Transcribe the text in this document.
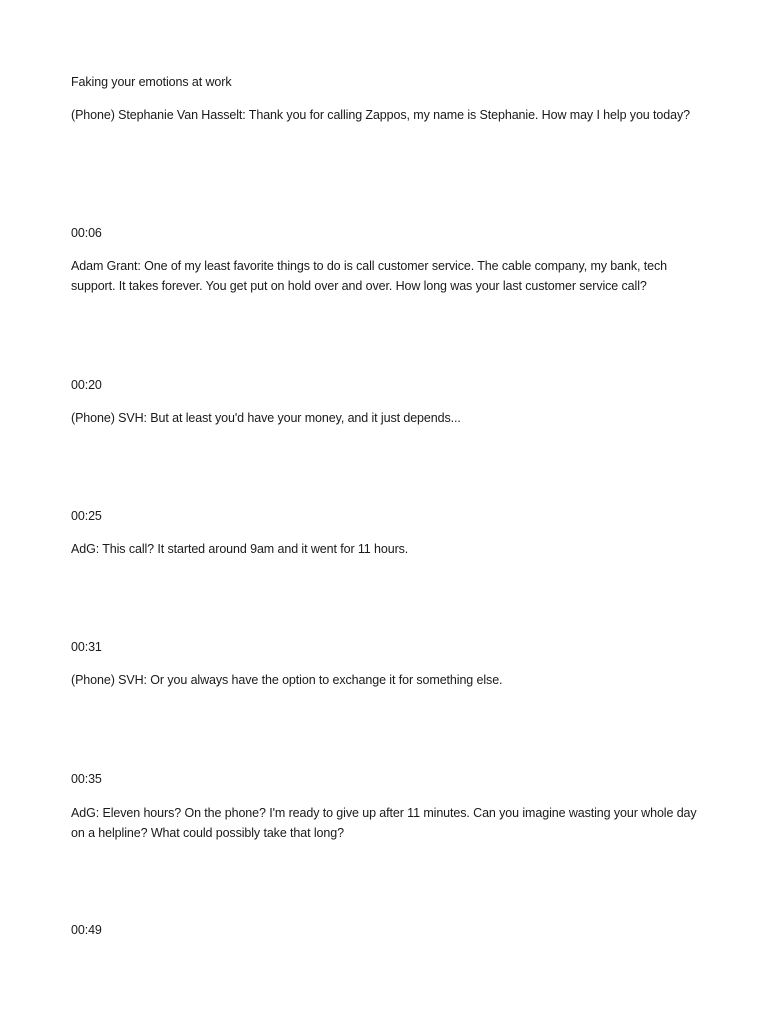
Faking your emotions at work
(Phone) Stephanie Van Hasselt: Thank you for calling Zappos, my name is Stephanie. How may I help you today?
00:06
Adam Grant: One of my least favorite things to do is call customer service. The cable company, my bank, tech support. It takes forever. You get put on hold over and over. How long was your last customer service call?
00:20
(Phone) SVH: But at least you'd have your money, and it just depends...
00:25
AdG: This call? It started around 9am and it went for 11 hours.
00:31
(Phone) SVH: Or you always have the option to exchange it for something else.
00:35
AdG: Eleven hours? On the phone? I'm ready to give up after 11 minutes. Can you imagine wasting your whole day on a helpline? What could possibly take that long?
00:49
